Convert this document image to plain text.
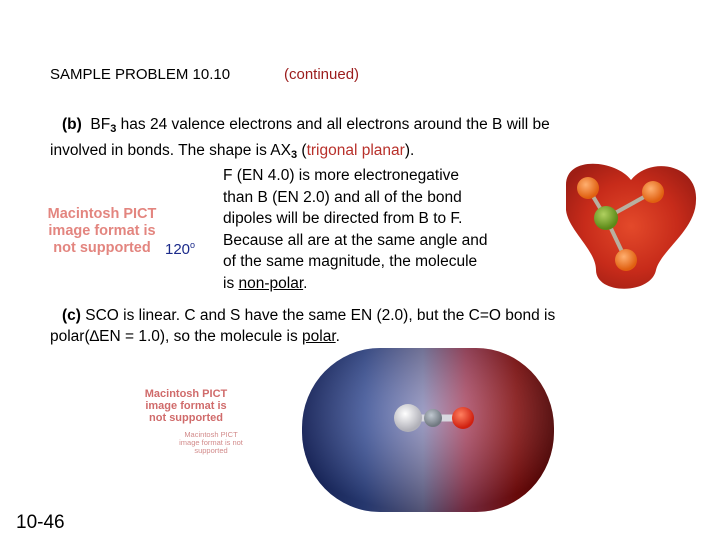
SAMPLE PROBLEM 10.10	(continued)
(b) BF3 has 24 valence electrons and all electrons around the B will be
involved in bonds. The shape is AX3 (trigonal planar).
Macintosh PICT image format is not supported 120$^o$
F (EN 4.0) is more electronegative
than B (EN 2.0) and all of the bond
dipoles will be directed from B to F.
Because all are at the same angle and
of the same magnitude, the molecule
is non-polar.
(c) SCO is linear. C and S have the same EN (2.0), but the C=O bond is
polar(∆EN = 1.0), so the molecule is polar.
Macintosh PICT image format is not supported
Macintosh PICT image format is not supported
10-46
